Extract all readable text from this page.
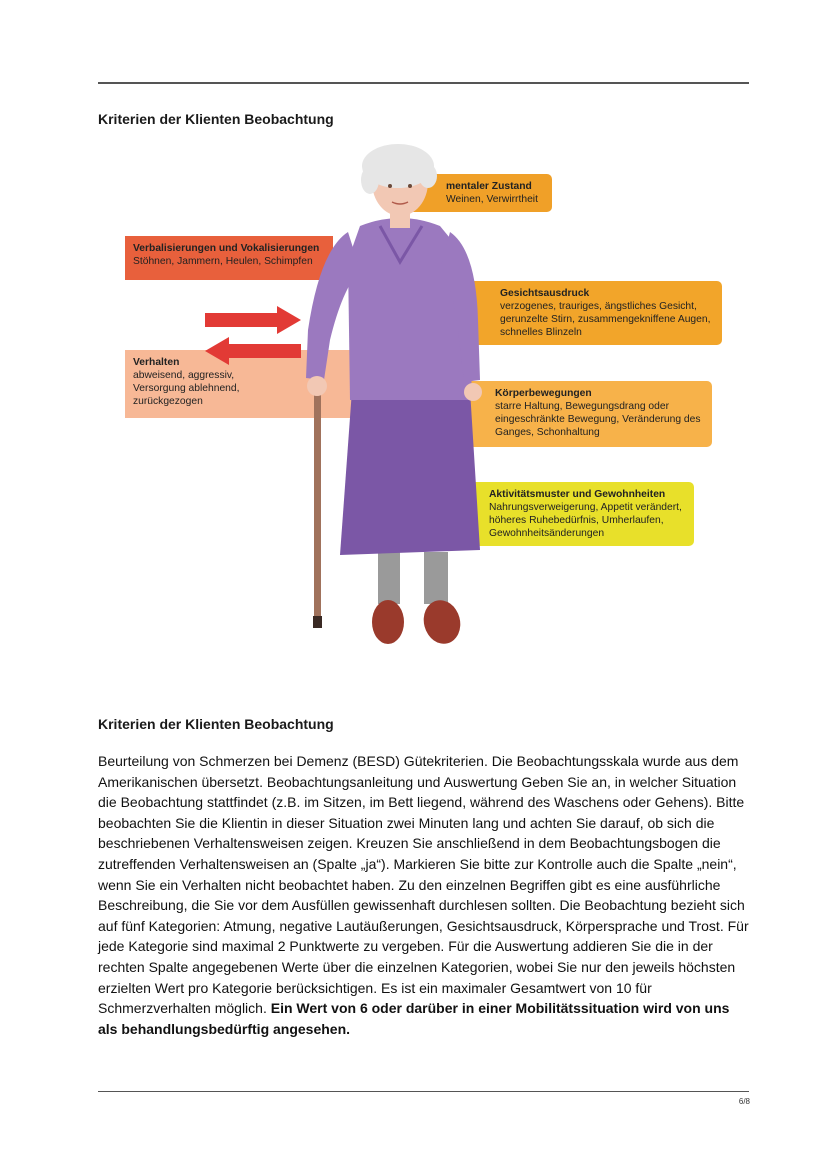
Kriterien der Klienten Beobachtung
Verhalten
abweisend, aggressiv,
Versorgung ablehnend,
zurückgezogen
Verbalisierungen und Vokalisierungen
Stöhnen, Jammern, Heulen, Schimpfen
mentaler Zustand
Weinen, Verwirrtheit
Gesichtsausdruck
verzogenes, trauriges, ängstliches Gesicht,
gerunzelte Stirn, zusammengekniffene Augen,
schnelles Blinzeln
Körperbewegungen
starre Haltung, Bewegungsdrang oder
eingeschränkte Bewegung, Veränderung des
Ganges, Schonhaltung
Aktivitätsmuster und Gewohnheiten
Nahrungsverweigerung, Appetit verändert,
höheres Ruhebedürfnis, Umherlaufen,
Gewohnheitsänderungen
Kriterien der Klienten Beobachtung
Beurteilung von Schmerzen bei Demenz (BESD) Gütekriterien. Die Beobachtungsskala wurde aus dem Amerikanischen übersetzt. Beobachtungsanleitung und Auswertung Geben Sie an, in welcher Situation die Beobachtung stattfindet (z.B. im Sitzen, im Bett liegend, während des Waschens oder Gehens). Bitte beobachten Sie die Klientin in dieser Situation zwei Minuten lang und achten Sie darauf, ob sich die beschriebenen Verhaltensweisen zeigen. Kreuzen Sie anschließend in dem Beobachtungsbogen die zutreffenden Verhaltensweisen an (Spalte „ja“). Markieren Sie bitte zur Kontrolle auch die Spalte „nein“, wenn Sie ein Verhalten nicht beobachtet haben. Zu den einzelnen Begriffen gibt es eine ausführliche Beschreibung, die Sie vor dem Ausfüllen gewissenhaft durchlesen sollten. Die Beobachtung bezieht sich auf fünf Kategorien: Atmung, negative Lautäußerungen, Gesichtsausdruck, Körpersprache und Trost. Für jede Kategorie sind maximal 2 Punktwerte zu vergeben. Für die Auswertung addieren Sie die in der rechten Spalte angegebenen Werte über die einzelnen Kategorien, wobei Sie nur den jeweils höchsten erzielten Wert pro Kategorie berücksichtigen. Es ist ein maximaler Gesamtwert von 10 für Schmerzverhalten möglich. Ein Wert von 6 oder darüber in einer Mobilitätssituation wird von uns als behandlungsbedürftig angesehen.
6/8
